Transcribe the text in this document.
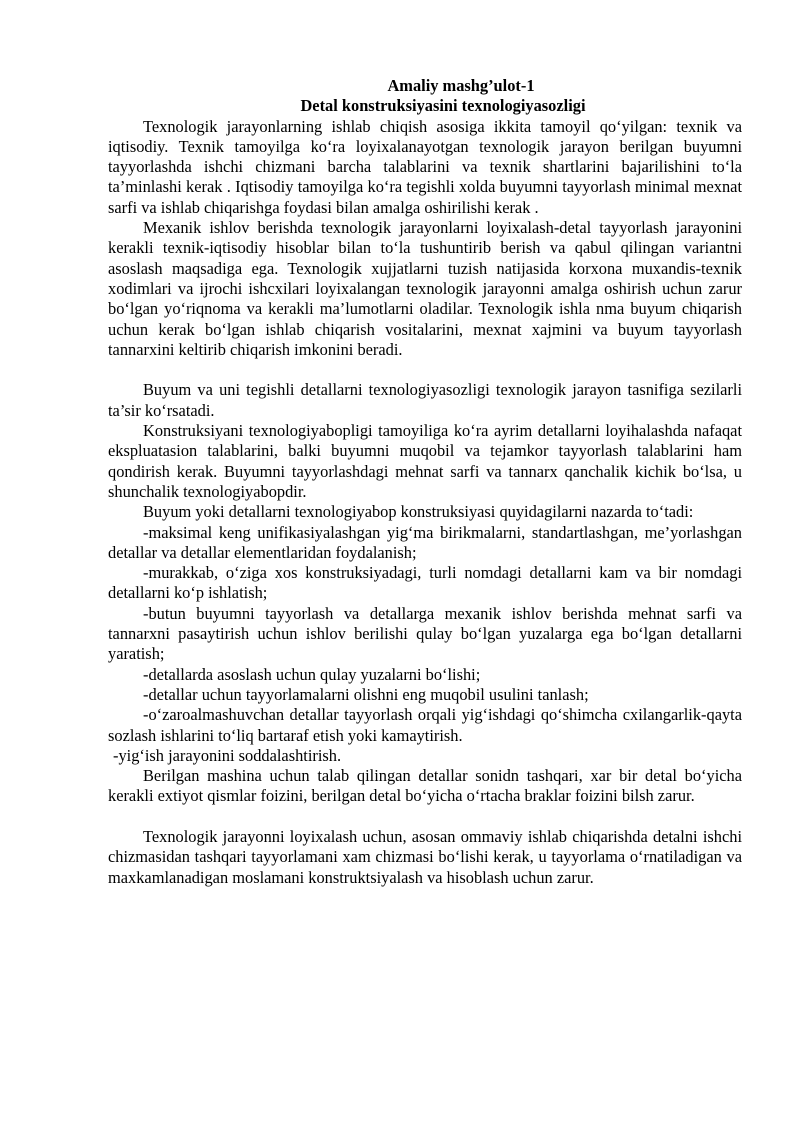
Amaliy mashg’ulot-1
Detal konstruksiyasini texnologiyasozligi

Texnologik jarayonlarning ishlab chiqish asosiga ikkita tamoyil qo‘yilgan: texnik va iqtisodiy. Texnik tamoyilga ko‘ra loyixalanayotgan texnologik jarayon berilgan buyumni tayyorlashda ishchi chizmani barcha talablarini va texnik shartlarini bajarilishini to‘la ta’minlashi kerak . Iqtisodiy tamoyilga ko‘ra tegishli xolda buyumni tayyorlash minimal mexnat sarfi va ishlab chiqarishga foydasi bilan amalga oshirilishi kerak .

Mexanik ishlov berishda texnologik jarayonlarni loyixalash-detal tayyorlash jarayonini kerakli texnik-iqtisodiy hisoblar bilan to‘la tushuntirib berish va qabul qilingan variantni asoslash maqsadiga ega. Texnologik xujjatlarni tuzish natijasida korxona muxandis-texnik xodimlari va ijrochi ishcxilari loyixalangan texnologik jarayonni amalga oshirish uchun zarur bo‘lgan yo‘riqnoma va kerakli ma’lumotlarni oladilar. Texnologik ishla nma buyum chiqarish uchun kerak bo‘lgan ishlab chiqarish vositalarini, mexnat xajmini va buyum tayyorlash tannarxini keltirib chiqarish imkonini beradi.

Buyum va uni tegishli detallarni texnologiyasozligi texnologik jarayon tasnifiga sezilarli ta’sir ko‘rsatadi.

Konstruksiyani texnologiyabopligi tamoyiliga ko‘ra ayrim detallarni loyihalashda nafaqat ekspluatasion talablarini, balki buyumni muqobil va tejamkor tayyorlash talablarini ham qondirish kerak. Buyumni tayyorlashdagi mehnat sarfi va tannarx qanchalik kichik bo‘lsa, u shunchalik texnologiyabopdir.

Buyum yoki detallarni texnologiyabop konstruksiyasi quyidagilarni nazarda to‘tadi:

-maksimal keng unifikasiyalashgan yig‘ma birikmalarni, standartlashgan, me’yorlashgan detallar va detallar elementlaridan foydalanish;

-murakkab, o‘ziga xos konstruksiyadagi, turli nomdagi detallarni kam va bir nomdagi detallarni ko‘p ishlatish;

-butun buyumni tayyorlash va detallarga mexanik ishlov berishda mehnat sarfi va tannarxni pasaytirish uchun ishlov berilishi qulay bo‘lgan yuzalarga ega bo‘lgan detallarni yaratish;

-detallarda asoslash uchun qulay yuzalarni bo‘lishi;

-detallar uchun tayyorlamalarni olishni eng muqobil usulini tanlash;

-o‘zaroalmashuvchan detallar tayyorlash orqali yig‘ishdagi qo‘shimcha cxilangarlik-qayta sozlash ishlarini to‘liq bartaraf etish yoki kamaytirish.

-yig‘ish jarayonini soddalashtirish.

Berilgan mashina uchun talab qilingan detallar sonidn tashqari, xar bir detal bo‘yicha kerakli extiyot qismlar foizini, berilgan detal bo‘yicha o‘rtacha braklar foizini bilsh zarur.

Texnologik jarayonni loyixalash uchun, asosan ommaviy ishlab chiqarishda detalni ishchi chizmasidan tashqari tayyorlamani xam chizmasi bo‘lishi kerak, u tayyorlama o‘rnatiladigan va maxkamlanadigan moslamani konstruktsiyalash va hisoblash uchun zarur.
